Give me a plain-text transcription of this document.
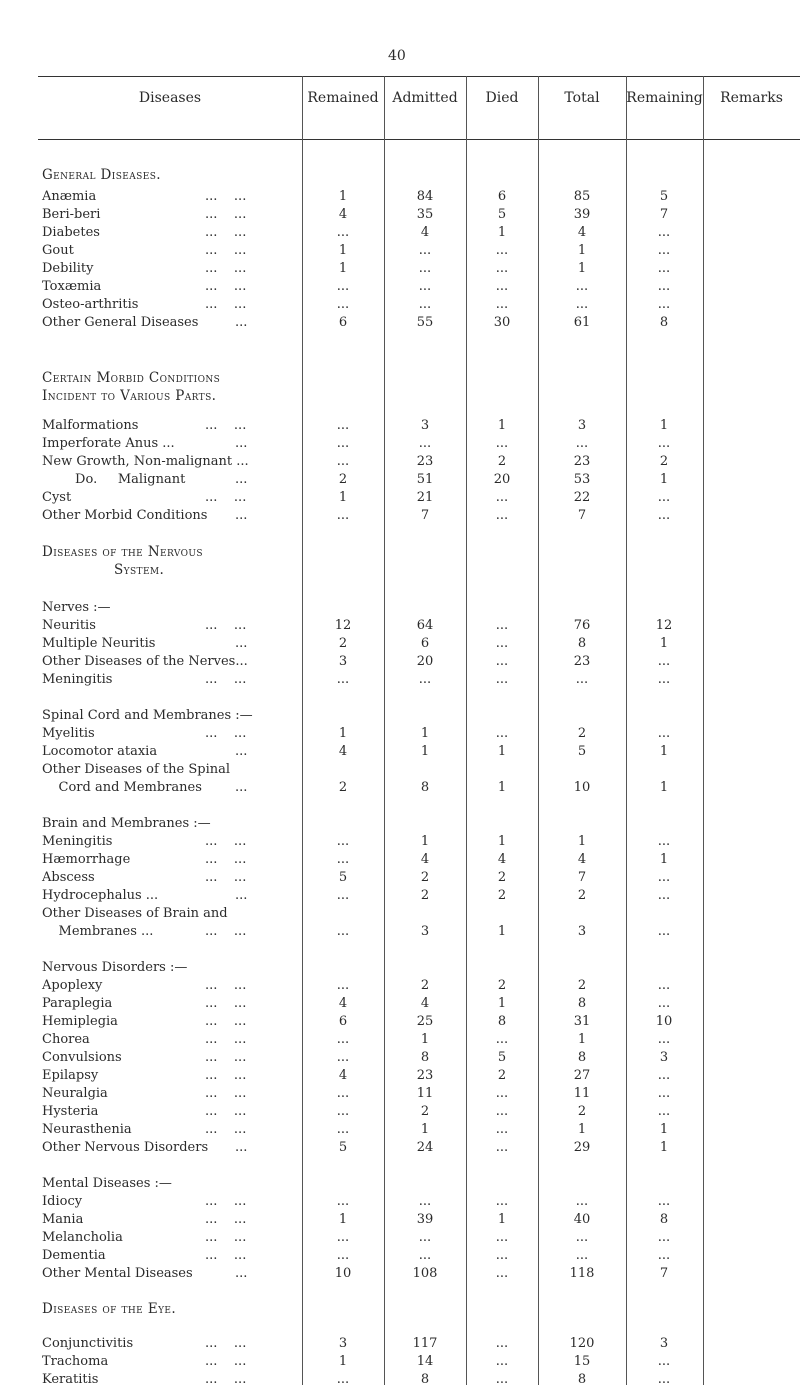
40
Diseases	Remained Admitted	Died	Total	Remaining	Remarks
General Diseases.
Anæmia	...    ...	1	84	6	85	5
Beri-beri	...    ...	4	35	5	39	7
Diabetes	...    ...	...	4	1	4	...
Gout	...    ...	1	...	...	1	...
Debility	...    ...	1	...	...	1	...
Toxæmia	...    ...	...	...	...	...	...
Osteo-arthritis	...    ...	...	...	...	...	...
Other General Diseases	...	6	55	30	61	8
Certain Morbid Conditions
Incident to Various Parts.
Malformations	...    ...	...	3	1	3	1
Imperforate Anus ...	...	...	...	...	...	...
New Growth, Non-malignant ...	...	23	2	23	2
Do.     Malignant	...	2	51	20	53	1
Cyst	...    ...	1	21	...	22	...
Other Morbid Conditions ...	...	7	...	7	...
Diseases of the Nervous
System.
Nerves :—
Neuritis	...    ...	12	64	...	76	12
Multiple Neuritis	...	2	6	...	8	1
Other Diseases of the Nerves...	3	20	...	23	...
Meningitis	...    ...	...	...	...	...	...
Spinal Cord and Membranes :—
Myelitis	...    ...	1	1	...	2	...
Locomotor ataxia	...	4	1	1	5	1
Other Diseases of the Spinal
Cord and Membranes	...	2	8	1	10	1
Brain and Membranes :—
Meningitis	...    ...	...	1	1	1	...
Hæmorrhage	...    ...	...	4	4	4	1
Abscess	...    ...	5	2	2	7	...
Hydrocephalus ...	...	...	2	2	2	...
Other Diseases of Brain and
Membranes ...	...    ...	...	3	1	3	...
Nervous Disorders :—
Apoplexy	...    ...	...	2	2	2	...
Paraplegia	...    ...	4	4	1	8	...
Hemiplegia	...    ...	6	25	8	31	10
Chorea	...    ...	...	1	...	1	...
Convulsions	...    ...	...	8	5	8	3
Epilapsy	...    ...	4	23	2	27	...
Neuralgia	...    ...	...	11	...	11	...
Hysteria	...    ...	...	2	...	2	...
Neurasthenia	...    ...	...	1	...	1	1
Other Nervous Disorders ...	5	24	...	29	1
Mental Diseases :—
Idiocy	...    ...	...	...	...	...	...
Mania	...    ...	1	39	1	40	8
Melancholia	...    ...	...	...	...	...	...
Dementia	...    ...	...	...	...	...	...
Other Mental Diseases	...	10	108	...	118	7
Diseases of the Eye.
Conjunctivitis	...    ...	3	117	...	120	3
Trachoma	...    ...	1	14	...	15	...
Keratitis	...    ...	...	8	...	8	...
